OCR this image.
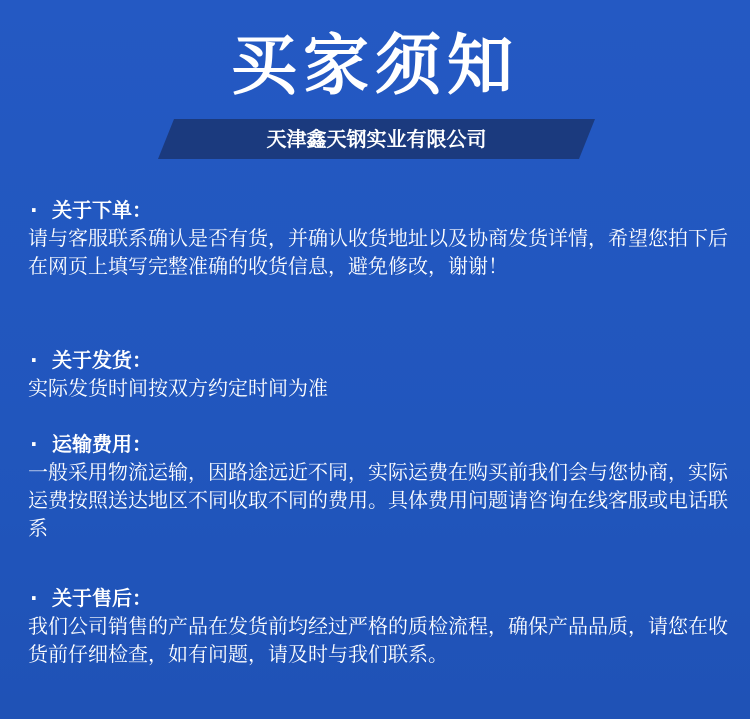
买家须知
天津鑫天钢实业有限公司
· 关于下单：
请与客服联系确认是否有货，并确认收货地址以及协商发货详情，希望您拍下后在网页上填写完整准确的收货信息，避免修改，谢谢！
· 关于发货：
实际发货时间按双方约定时间为准
· 运输费用：
一般采用物流运输，因路途远近不同，实际运费在购买前我们会与您协商，实际运费按照送达地区不同收取不同的费用。具体费用问题请咨询在线客服或电话联系
· 关于售后：
我们公司销售的产品在发货前均经过严格的质检流程，确保产品品质，请您在收货前仔细检查，如有问题，请及时与我们联系。
